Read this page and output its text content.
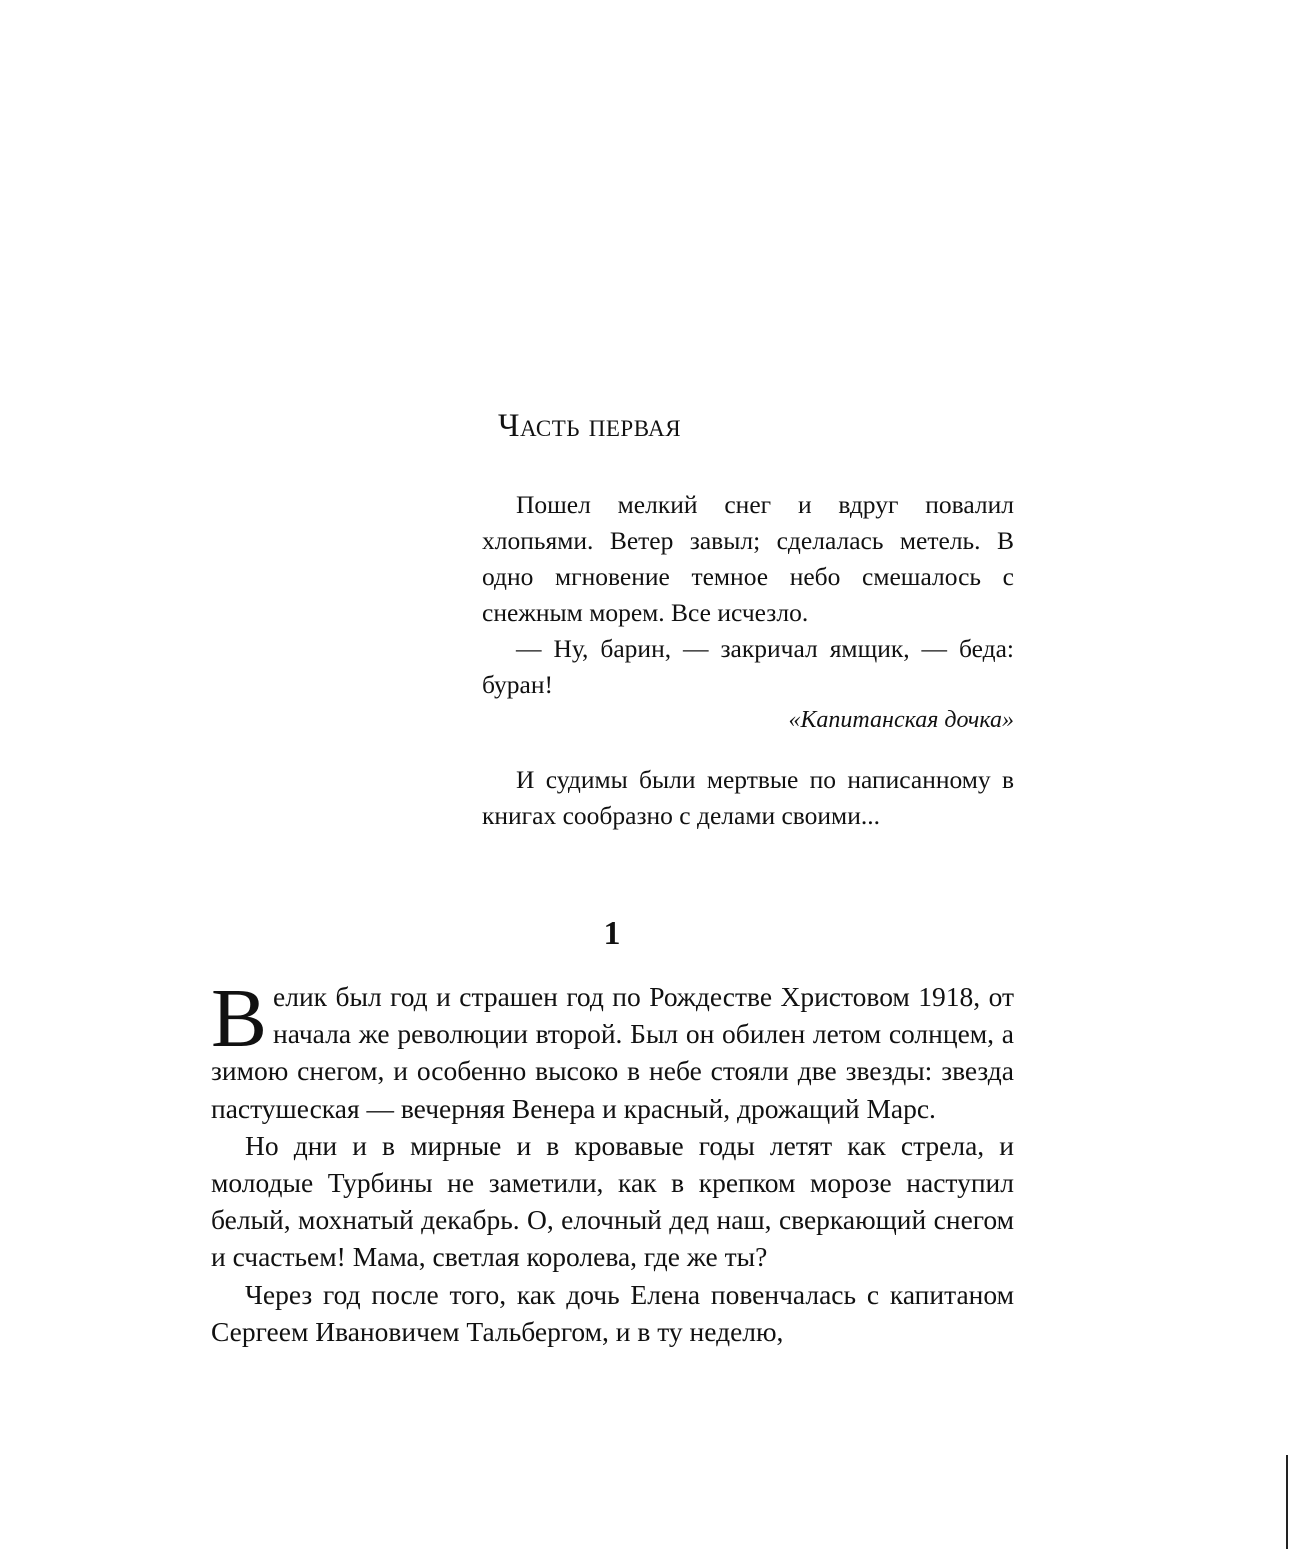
Часть первая

Пошел мелкий снег и вдруг повалил хлопьями. Ветер завыл; сделалась метель. В одно мгновение темное небо смешалось с снежным морем. Все исчезло.

— Ну, барин, — закричал ямщик, — беда: буран!

«Капитанская дочка»

И судимы были мертвые по написанному в книгах сообразно с делами своими...

1

Велик был год и страшен год по Рождестве Христовом 1918, от начала же революции второй. Был он обилен летом солнцем, а зимою снегом, и особенно высоко в небе стояли две звезды: звезда пастушеская — вечерняя Венера и красный, дрожащий Марс.

Но дни и в мирные и в кровавые годы летят как стрела, и молодые Турбины не заметили, как в крепком морозе наступил белый, мохнатый декабрь. О, елочный дед наш, сверкающий снегом и счастьем! Мама, светлая королева, где же ты?

Через год после того, как дочь Елена повенчалась с капитаном Сергеем Ивановичем Тальбергом, и в ту неделю,
